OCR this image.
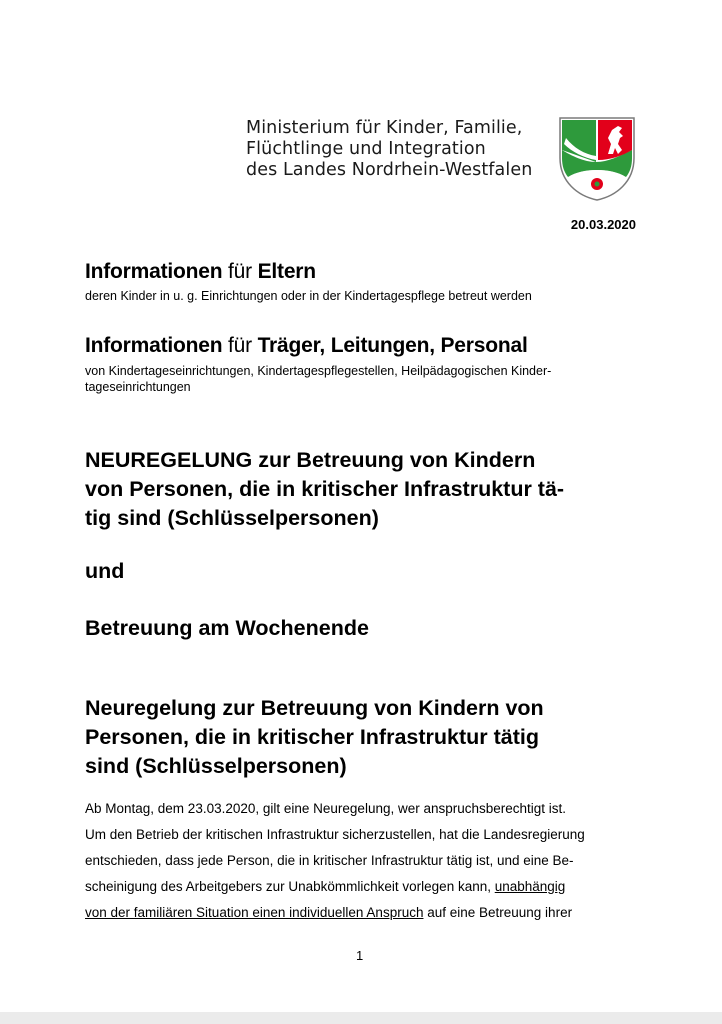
Ministerium für Kinder, Familie,
Flüchtlinge und Integration
des Landes Nordrhein-Westfalen
20.03.2020
Informationen für Eltern
deren Kinder in u. g. Einrichtungen oder in der Kindertagespflege betreut werden
Informationen für Träger, Leitungen, Personal
von Kindertageseinrichtungen, Kindertagespflegestellen, Heilpädagogischen Kinder-
tageseinrichtungen
NEUREGELUNG zur Betreuung von Kindern
von Personen, die in kritischer Infrastruktur tä-
tig sind (Schlüsselpersonen)
und
Betreuung am Wochenende
Neuregelung zur Betreuung von Kindern von
Personen, die in kritischer Infrastruktur tätig
sind (Schlüsselpersonen)
Ab Montag, dem 23.03.2020, gilt eine Neuregelung, wer anspruchsberechtigt ist.
Um den Betrieb der kritischen Infrastruktur sicherzustellen, hat die Landesregierung
entschieden, dass jede Person, die in kritischer Infrastruktur tätig ist, und eine Be-
scheinigung des Arbeitgebers zur Unabkömmlichkeit vorlegen kann, unabhängig
von der familiären Situation einen individuellen Anspruch auf eine Betreuung ihrer
1
